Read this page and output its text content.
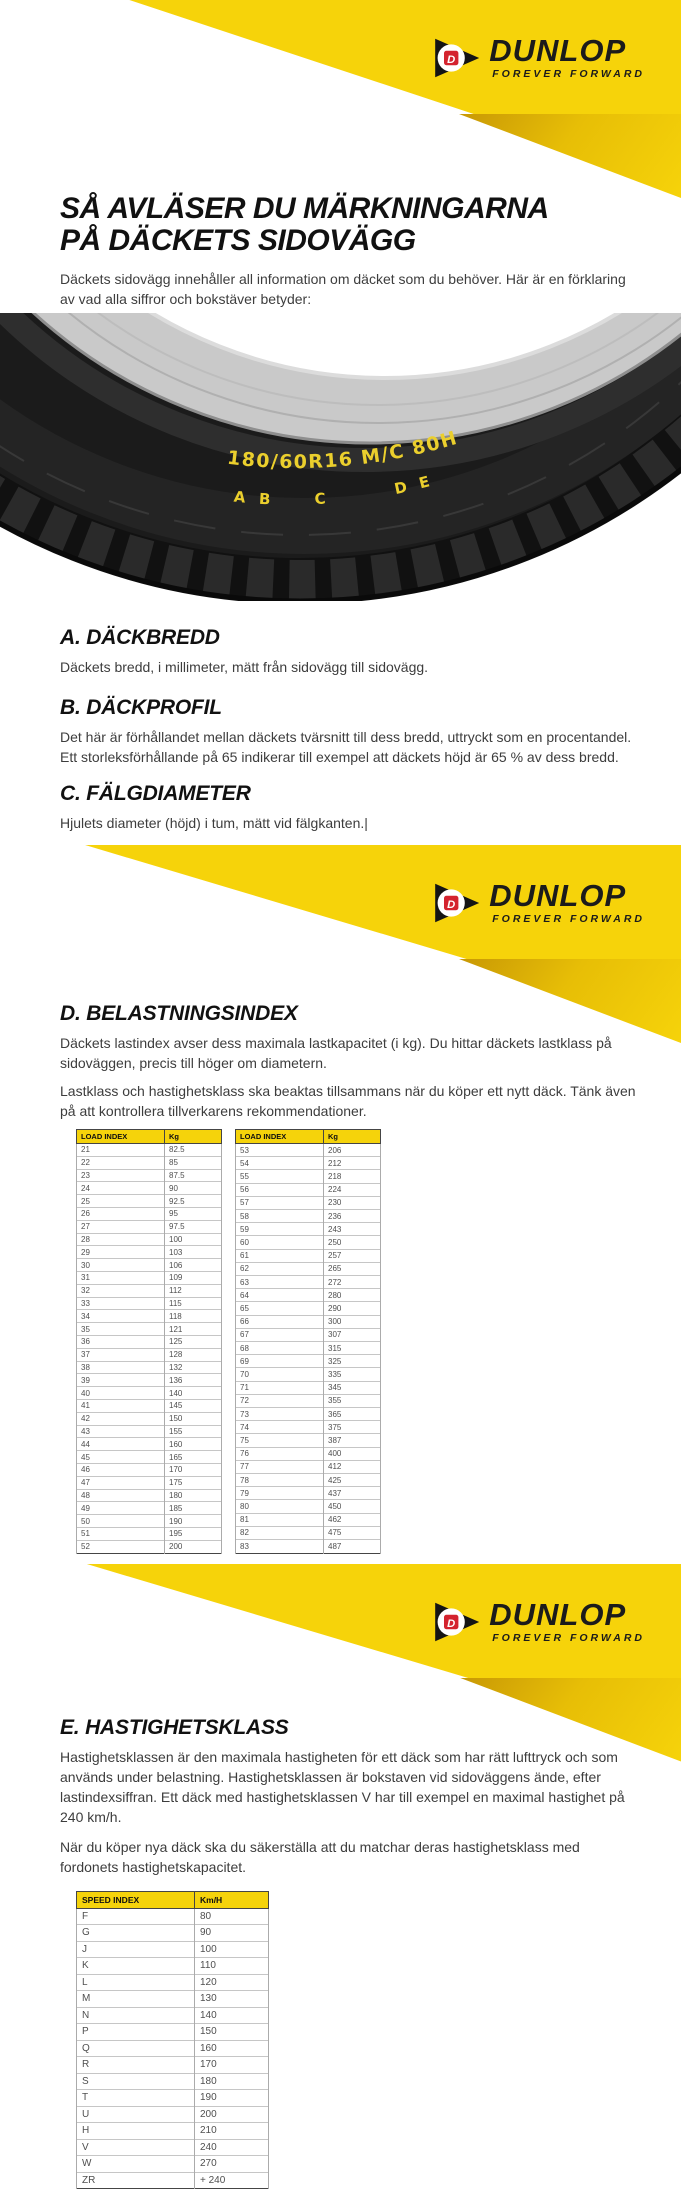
D DUNLOP
FOREVER FORWARD
SÅ AVLÄSER DU MÄRKNINGARNA
PÅ DÄCKETS SIDOVÄGG

Däckets sidovägg innehåller all information om däcket som du behöver. Här är en förklaring av vad alla siffror och bokstäver betyder:

180/60R16 M/C 80H
A B	C
D E
A. DÄCKBREDD

Däckets bredd, i millimeter, mätt från sidovägg till sidovägg.

B. DÄCKPROFIL

Det här är förhållandet mellan däckets tvärsnitt till dess bredd, uttryckt som en procentandel. Ett storleksförhållande på 65 indikerar till exempel att däckets höjd är 65 % av dess bredd.

C. FÄLGDIAMETER

Hjulets diameter (höjd) i tum, mätt vid fälgkanten.|

D DUNLOP
FOREVER FORWARD
D. BELASTNINGSINDEX

Däckets lastindex avser dess maximala lastkapacitet (i kg). Du hittar däckets lastklass på sidoväggen, precis till höger om diametern.

Lastklass och hastighetsklass ska beaktas tillsammans när du köper ett nytt däck. Tänk även på att kontrollera tillverkarens rekommendationer.

LOAD INDEX	Kg
21	82.5
22	85
23	87.5
24	90
25	92.5
26	95
27	97.5
28	100
29	103
30	106
31	109
32	112
33	115
34	118
35	121
36	125
37	128
38	132
39	136
40	140
41	145
42	150
43	155
44	160
45	165
46	170
47	175
48	180
49	185
50	190
51	195
52	200
LOAD INDEX	Kg
53	206
54	212
55	218
56	224
57	230
58	236
59	243
60	250
61	257
62	265
63	272
64	280
65	290
66	300
67	307
68	315
69	325
70	335
71	345
72	355
73	365
74	375
75	387
76	400
77	412
78	425
79	437
80	450
81	462
82	475
83	487
D DUNLOP
FOREVER FORWARD
E. HASTIGHETSKLASS

Hastighetsklassen är den maximala hastigheten för ett däck som har rätt lufttryck och som används under belastning. Hastighetsklassen är bokstaven vid sidoväggens ände, efter lastindexsiffran. Ett däck med hastighetsklassen V har till exempel en maximal hastighet på 240 km/h.

När du köper nya däck ska du säkerställa att du matchar deras hastighetsklass med fordonets hastighetskapacitet.

SPEED INDEX	Km/H
F	80
G	90
J	100
K	110
L	120
M	130
N	140
P	150
Q	160
R	170
S	180
T	190
U	200
H	210
V	240
W	270
ZR	+ 240
